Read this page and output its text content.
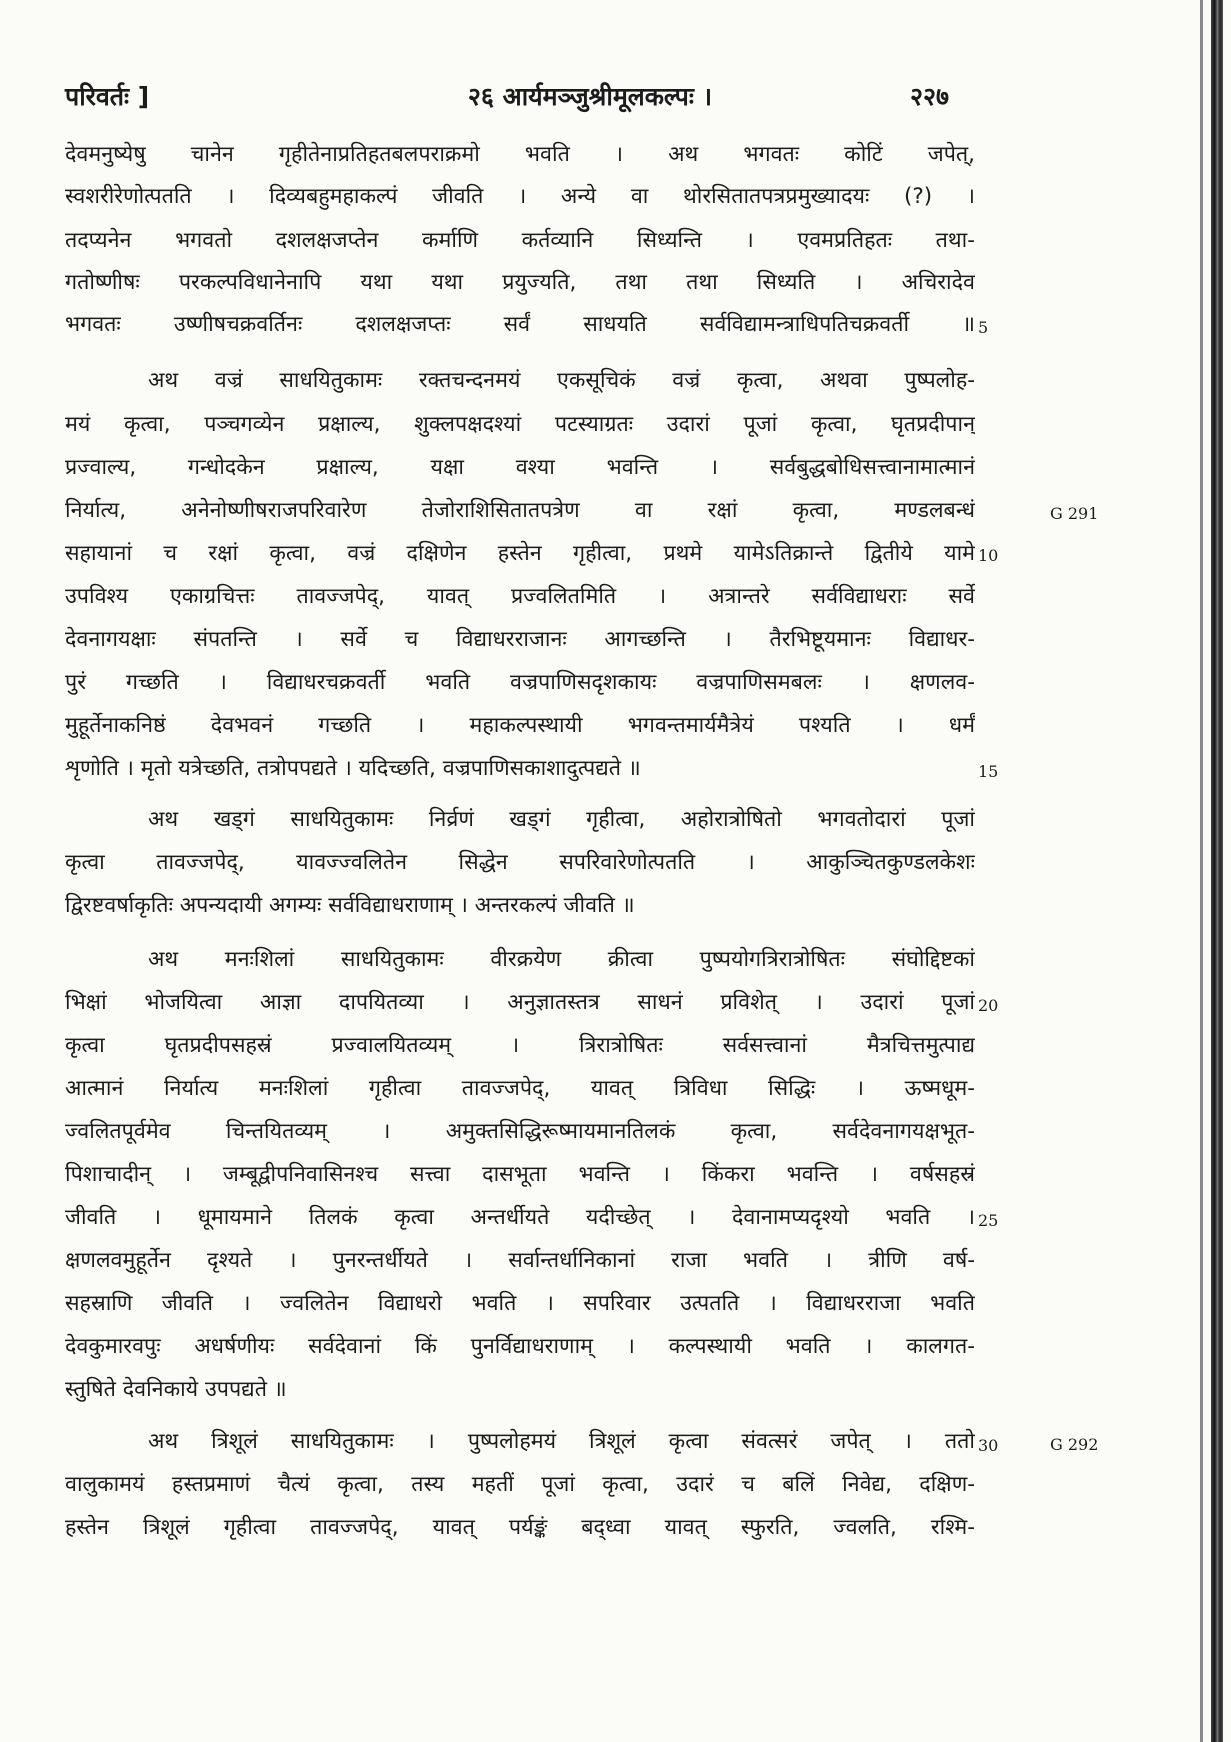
परिवर्तः ]	२६ आर्यमञ्जुश्रीमूलकल्पः ।	२२७
देवमनुष्येषु चानेन गृहीतेनाप्रतिहतबलपराक्रमो भवति । अथ भगवतः कोटिं जपेत्,
स्वशरीरेणोत्पतति । दिव्यबहुमहाकल्पं जीवति । अन्ये वा थोरसितातपत्रप्रमुख्यादयः (?) ।
तदप्यनेन भगवतो दशलक्षजप्तेन कर्माणि कर्तव्यानि सिध्यन्ति । एवमप्रतिहतः तथा-
गतोष्णीषः परकल्पविधानेनापि यथा यथा प्रयुज्यति, तथा तथा सिध्यति । अचिरादेव
भगवतः उष्णीषचक्रवर्तिनः दशलक्षजप्तः सर्वं साधयति सर्वविद्यामन्त्राधिपतिचक्रवर्ती ॥
अथ वज्रं साधयितुकामः रक्तचन्दनमयं एकसूचिकं वज्रं कृत्वा, अथवा पुष्पलोह-
मयं कृत्वा, पञ्चगव्येन प्रक्षाल्य, शुक्लपक्षदश्यां पटस्याग्रतः उदारां पूजां कृत्वा, घृतप्रदीपान्
प्रज्वाल्य, गन्धोदकेन प्रक्षाल्य, यक्षा वश्या भवन्ति । सर्वबुद्धबोधिसत्त्वानामात्मानं
निर्यात्य, अनेनोष्णीषराजपरिवारेण तेजोराशिसितातपत्रेण वा रक्षां कृत्वा, मण्डलबन्धं
सहायानां च रक्षां कृत्वा, वज्रं दक्षिणेन हस्तेन गृहीत्वा, प्रथमे यामेऽतिक्रान्ते द्वितीये यामे
उपविश्य एकाग्रचित्तः तावज्जपेद्, यावत् प्रज्वलितमिति । अत्रान्तरे सर्वविद्याधराः सर्वे
देवनागयक्षाः संपतन्ति । सर्वे च विद्याधरराजानः आगच्छन्ति । तैरभिष्टूयमानः विद्याधर-
पुरं गच्छति । विद्याधरचक्रवर्ती भवति वज्रपाणिसदृशकायः वज्रपाणिसमबलः । क्षणलव-
मुहूर्तेनाकनिष्ठं देवभवनं गच्छति । महाकल्पस्थायी भगवन्तमार्यमैत्रेयं पश्यति । धर्मं
शृणोति । मृतो यत्रेच्छति, तत्रोपपद्यते । यदिच्छति, वज्रपाणिसकाशादुत्पद्यते ॥
अथ खड्गं साधयितुकामः निर्व्रणं खड्गं गृहीत्वा, अहोरात्रोषितो भगवतोदारां पूजां
कृत्वा तावज्जपेद्, यावज्ज्वलितेन सिद्धेन सपरिवारेणोत्पतति । आकुञ्चितकुण्डलकेशः
द्विरष्टवर्षाकृतिः अपन्यदायी अगम्यः सर्वविद्याधराणाम् । अन्तरकल्पं जीवति ॥
अथ मनःशिलां साधयितुकामः वीरक्रयेण क्रीत्वा पुष्पयोगत्रिरात्रोषितः संघोद्दिष्टकां
भिक्षां भोजयित्वा आज्ञा दापयितव्या । अनुज्ञातस्तत्र साधनं प्रविशेत् । उदारां पूजां
कृत्वा घृतप्रदीपसहस्रं प्रज्वालयितव्यम् । त्रिरात्रोषितः सर्वसत्त्वानां मैत्रचित्तमुत्पाद्य
आत्मानं निर्यात्य मनःशिलां गृहीत्वा तावज्जपेद्, यावत् त्रिविधा सिद्धिः । ऊष्मधूम-
ज्वलितपूर्वमेव चिन्तयितव्यम् । अमुक्तसिद्धिरूष्मायमानतिलकं कृत्वा, सर्वदेवनागयक्षभूत-
पिशाचादीन् । जम्बूद्वीपनिवासिनश्च सत्त्वा दासभूता भवन्ति । किंकरा भवन्ति । वर्षसहस्रं
जीवति । धूमायमाने तिलकं कृत्वा अन्तर्धीयते यदीच्छेत् । देवानामप्यदृश्यो भवति ।
क्षणलवमुहूर्तेन दृश्यते । पुनरन्तर्धीयते । सर्वान्तर्धानिकानां राजा भवति । त्रीणि वर्ष-
सहस्राणि जीवति । ज्वलितेन विद्याधरो भवति । सपरिवार उत्पतति । विद्याधरराजा भवति
देवकुमारवपुः अधर्षणीयः सर्वदेवानां किं पुनर्विद्याधराणाम् । कल्पस्थायी भवति । कालगत-
स्तुषिते देवनिकाये उपपद्यते ॥
अथ त्रिशूलं साधयितुकामः । पुष्पलोहमयं त्रिशूलं कृत्वा संवत्सरं जपेत् । ततो
वालुकामयं हस्तप्रमाणं चैत्यं कृत्वा, तस्य महतीं पूजां कृत्वा, उदारं च बलिं निवेद्य, दक्षिण-
हस्तेन त्रिशूलं गृहीत्वा तावज्जपेद्, यावत् पर्यङ्कं बद्ध्वा यावत् स्फुरति, ज्वलति, रश्मि-
5
10
15
20
25
30
G 291
G 292
